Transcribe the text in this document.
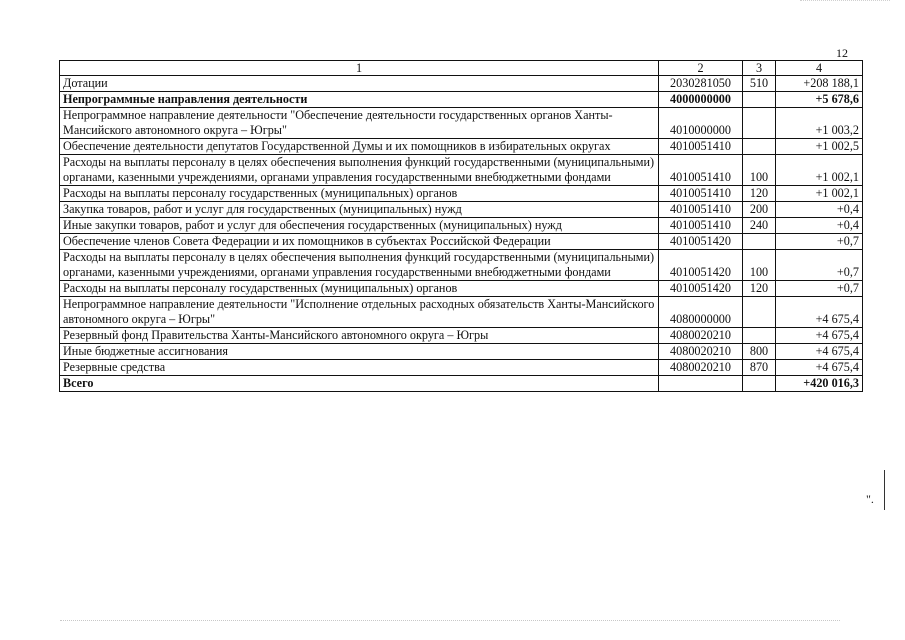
12
1	2	3	4
Дотации	2030281050	510	+208 188,1
Непрограммные направления деятельности	4000000000		+5 678,6
Непрограммное направление деятельности "Обеспечение деятельности государственных органов Ханты-Мансийского автономного округа – Югры"	4010000000		+1 003,2
Обеспечение деятельности депутатов Государственной Думы и их помощников в избирательных округах	4010051410		+1 002,5
Расходы на выплаты персоналу в целях обеспечения выполнения функций государственными (муниципальными) органами, казенными учреждениями, органами управления государственными внебюджетными фондами	4010051410	100	+1 002,1
Расходы на выплаты персоналу государственных (муниципальных) органов	4010051410	120	+1 002,1
Закупка товаров, работ и услуг для государственных (муниципальных) нужд	4010051410	200	+0,4
Иные закупки товаров, работ и услуг для обеспечения государственных (муниципальных) нужд	4010051410	240	+0,4
Обеспечение членов Совета Федерации и их помощников в субъектах Российской Федерации	4010051420		+0,7
Расходы на выплаты персоналу в целях обеспечения выполнения функций государственными (муниципальными) органами, казенными учреждениями, органами управления государственными внебюджетными фондами	4010051420	100	+0,7
Расходы на выплаты персоналу государственных (муниципальных) органов	4010051420	120	+0,7
Непрограммное направление деятельности "Исполнение отдельных расходных обязательств Ханты-Мансийского автономного округа – Югры"	4080000000		+4 675,4
Резервный фонд Правительства Ханты-Мансийского автономного округа – Югры	4080020210		+4 675,4
Иные бюджетные ассигнования	4080020210	800	+4 675,4
Резервные средства	4080020210	870	+4 675,4
Всего			+420 016,3
".
